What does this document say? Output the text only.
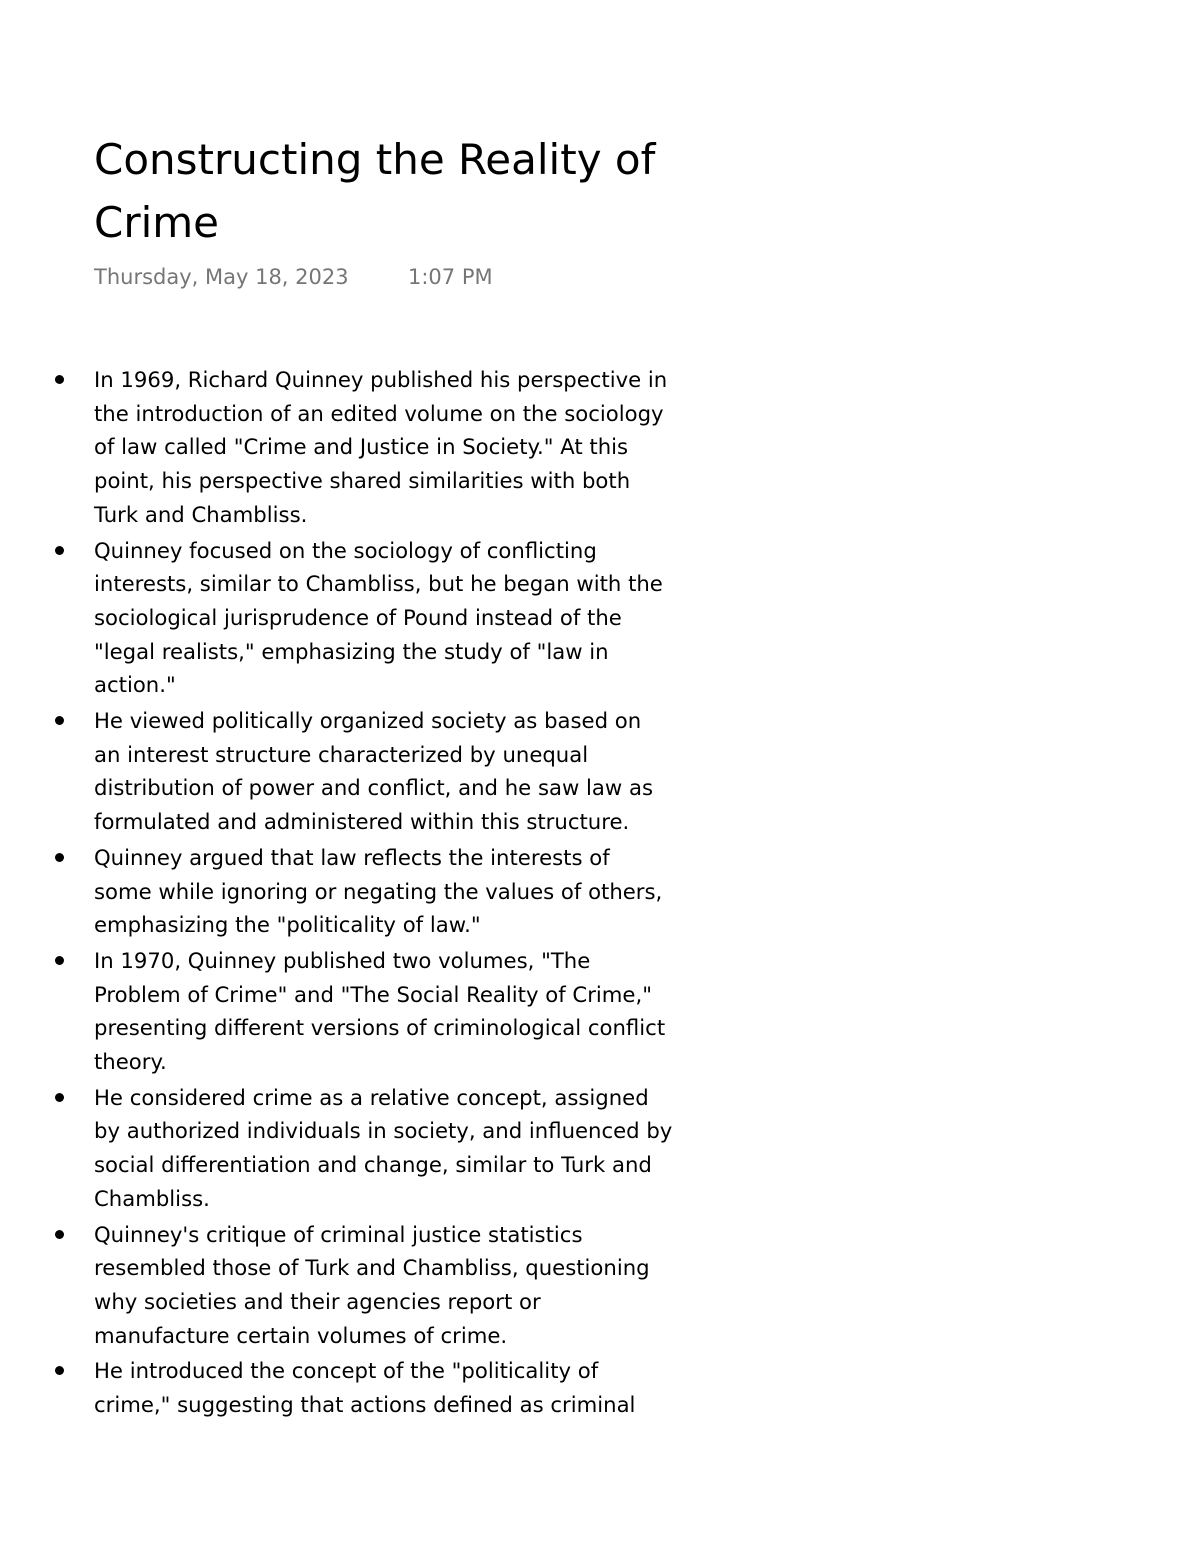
Constructing the Reality of Crime
Thursday, May 18, 2023	1:07 PM
In 1969, Richard Quinney published his perspective in the introduction of an edited volume on the sociology of law called "Crime and Justice in Society." At this point, his perspective shared similarities with both Turk and Chambliss.
Quinney focused on the sociology of conflicting interests, similar to Chambliss, but he began with the sociological jurisprudence of Pound instead of the "legal realists," emphasizing the study of "law in action."
He viewed politically organized society as based on an interest structure characterized by unequal distribution of power and conflict, and he saw law as formulated and administered within this structure.
Quinney argued that law reflects the interests of some while ignoring or negating the values of others, emphasizing the "politicality of law."
In 1970, Quinney published two volumes, "The Problem of Crime" and "The Social Reality of Crime," presenting different versions of criminological conflict theory.
He considered crime as a relative concept, assigned by authorized individuals in society, and influenced by social differentiation and change, similar to Turk and Chambliss.
Quinney's critique of criminal justice statistics resembled those of Turk and Chambliss, questioning why societies and their agencies report or manufacture certain volumes of crime.
He introduced the concept of the "politicality of crime," suggesting that actions defined as criminal
